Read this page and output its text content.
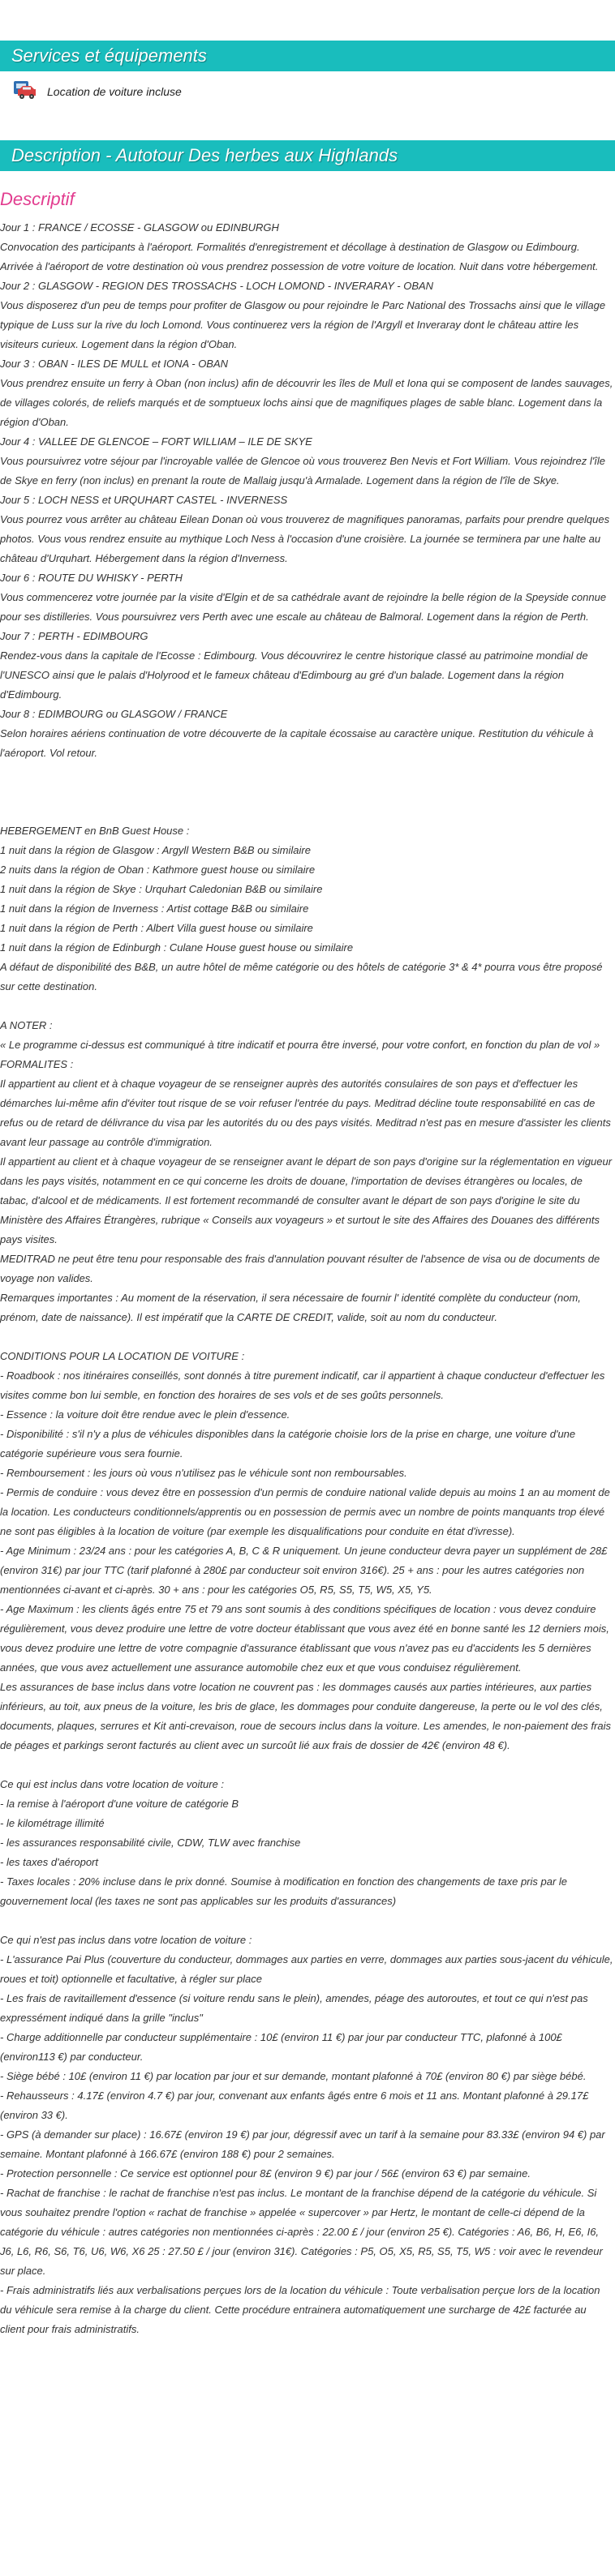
Services et équipements
Location de voiture incluse
Description - Autotour Des herbes aux Highlands
Descriptif

Jour 1 : FRANCE / ECOSSE - GLASGOW ou EDINBURGH

Convocation des participants à l'aéroport. Formalités d'enregistrement et décollage à destination de Glasgow ou Edimbourg. Arrivée à l'aéroport de votre destination où vous prendrez possession de votre voiture de location. Nuit dans votre hébergement.

Jour 2 : GLASGOW - REGION DES TROSSACHS - LOCH LOMOND - INVERARAY - OBAN

Vous disposerez d'un peu de temps pour profiter de Glasgow ou pour rejoindre le Parc National des Trossachs ainsi que le village typique de Luss sur la rive du loch Lomond. Vous continuerez vers la région de l'Argyll et Inveraray dont le château attire les visiteurs curieux. Logement dans la région d'Oban.

Jour 3 : OBAN - ILES DE MULL et IONA - OBAN

Vous prendrez ensuite un ferry à Oban (non inclus) afin de découvrir les îles de Mull et Iona qui se composent de landes sauvages, de villages colorés, de reliefs marqués et de somptueux lochs ainsi que de magnifiques plages de sable blanc. Logement dans la région d'Oban.

Jour 4 : VALLEE DE GLENCOE – FORT WILLIAM – ILE DE SKYE

Vous poursuivrez votre séjour par l'incroyable vallée de Glencoe où vous trouverez Ben Nevis et Fort William. Vous rejoindrez l'île de Skye en ferry (non inclus) en prenant la route de Mallaig jusqu'à Armalade. Logement dans la région de l'île de Skye.

Jour 5 : LOCH NESS et URQUHART CASTEL - INVERNESS

Vous pourrez vous arrêter au château Eilean Donan où vous trouverez de magnifiques panoramas, parfaits pour prendre quelques photos. Vous vous rendrez ensuite au mythique Loch Ness à l'occasion d'une croisière. La journée se terminera par une halte au château d'Urquhart. Hébergement dans la région d'Inverness.

Jour 6 : ROUTE DU WHISKY - PERTH

Vous commencerez votre journée par la visite d'Elgin et de sa cathédrale avant de rejoindre la belle région de la Speyside connue pour ses distilleries. Vous poursuivrez vers Perth avec une escale au château de Balmoral. Logement dans la région de Perth.

Jour 7 : PERTH - EDIMBOURG

Rendez-vous dans la capitale de l'Ecosse : Edimbourg. Vous découvrirez le centre historique classé au patrimoine mondial de l'UNESCO ainsi que le palais d'Holyrood et le fameux château d'Edimbourg au gré d'un balade. Logement dans la région d'Edimbourg.

Jour 8 : EDIMBOURG ou GLASGOW / FRANCE

Selon horaires aériens continuation de votre découverte de la capitale écossaise au caractère unique. Restitution du véhicule à l'aéroport. Vol retour.

HEBERGEMENT en BnB Guest House :

1 nuit dans la région de Glasgow : Argyll Western B&B ou similaire

2 nuits dans la région de Oban : Kathmore guest house ou similaire

1 nuit dans la région de Skye : Urquhart Caledonian B&B ou similaire

1 nuit dans la région de Inverness : Artist cottage B&B ou similaire

1 nuit dans la région de Perth : Albert Villa guest house ou similaire

1 nuit dans la région de Edinburgh : Culane House guest house ou similaire

A défaut de disponibilité des B&B, un autre hôtel de même catégorie ou des hôtels de catégorie 3* & 4* pourra vous être proposé sur cette destination.

A NOTER :

« Le programme ci-dessus est communiqué à titre indicatif et pourra être inversé, pour votre confort, en fonction du plan de vol »

FORMALITES :

Il appartient au client et à chaque voyageur de se renseigner auprès des autorités consulaires de son pays et d'effectuer les démarches lui-même afin d'éviter tout risque de se voir refuser l'entrée du pays. Meditrad décline toute responsabilité en cas de refus ou de retard de délivrance du visa par les autorités du ou des pays visités. Meditrad n'est pas en mesure d'assister les clients avant leur passage au contrôle d'immigration.

Il appartient au client et à chaque voyageur de se renseigner avant le départ de son pays d'origine sur la réglementation en vigueur dans les pays visités, notamment en ce qui concerne les droits de douane, l'importation de devises étrangères ou locales, de tabac, d'alcool et de médicaments. Il est fortement recommandé de consulter avant le départ de son pays d'origine le site du Ministère des Affaires Étrangères, rubrique « Conseils aux voyageurs » et surtout le site des Affaires des Douanes des différents pays visites.

MEDITRAD ne peut être tenu pour responsable des frais d'annulation pouvant résulter de l'absence de visa ou de documents de voyage non valides.

Remarques importantes : Au moment de la réservation, il sera nécessaire de fournir l' identité complète du conducteur (nom, prénom, date de naissance). Il est impératif que la CARTE DE CREDIT, valide, soit au nom du conducteur.

CONDITIONS POUR LA LOCATION DE VOITURE :

- Roadbook : nos itinéraires conseillés, sont donnés à titre purement indicatif, car il appartient à chaque conducteur d'effectuer les visites comme bon lui semble, en fonction des horaires de ses vols et de ses goûts personnels.

- Essence : la voiture doit être rendue avec le plein d'essence.

- Disponibilité : s'il n'y a plus de véhicules disponibles dans la catégorie choisie lors de la prise en charge, une voiture d'une catégorie supérieure vous sera fournie.

- Remboursement : les jours où vous n'utilisez pas le véhicule sont non remboursables.

- Permis de conduire : vous devez être en possession d'un permis de conduire national valide depuis au moins 1 an au moment de la location. Les conducteurs conditionnels/apprentis ou en possession de permis avec un nombre de points manquants trop élevé ne sont pas éligibles à la location de voiture (par exemple les disqualifications pour conduite en état d'ivresse).

- Age Minimum : 23/24 ans : pour les catégories A, B, C & R uniquement. Un jeune conducteur devra payer un supplément de 28£ (environ 31€) par jour TTC (tarif plafonné à 280£ par conducteur soit environ 316€). 25 + ans : pour les autres catégories non mentionnées ci-avant et ci-après. 30 + ans : pour les catégories O5, R5, S5, T5, W5, X5, Y5.

- Age Maximum : les clients âgés entre 75 et 79 ans sont soumis à des conditions spécifiques de location : vous devez conduire régulièrement, vous devez produire une lettre de votre docteur établissant que vous avez été en bonne santé les 12 derniers mois, vous devez produire une lettre de votre compagnie d'assurance établissant que vous n'avez pas eu d'accidents les 5 dernières années, que vous avez actuellement une assurance automobile chez eux et que vous conduisez régulièrement.

Les assurances de base inclus dans votre location ne couvrent pas : les dommages causés aux parties intérieures, aux parties inférieurs, au toit, aux pneus de la voiture, les bris de glace, les dommages pour conduite dangereuse, la perte ou le vol des clés, documents, plaques, serrures et Kit anti-crevaison, roue de secours inclus dans la voiture. Les amendes, le non-paiement des frais de péages et parkings seront facturés au client avec un surcoût lié aux frais de dossier de 42€ (environ 48 €).

Ce qui est inclus dans votre location de voiture :

- la remise à l'aéroport d'une voiture de catégorie B

- le kilométrage illimité

- les assurances responsabilité civile, CDW, TLW avec franchise

- les taxes d'aéroport

- Taxes locales : 20% incluse dans le prix donné. Soumise à modification en fonction des changements de taxe pris par le gouvernement local (les taxes ne sont pas applicables sur les produits d'assurances)

Ce qui n'est pas inclus dans votre location de voiture :

- L'assurance Pai Plus (couverture du conducteur, dommages aux parties en verre, dommages aux parties sous-jacent du véhicule, roues et toit) optionnelle et facultative, à régler sur place

- Les frais de ravitaillement d'essence (si voiture rendu sans le plein), amendes, péage des autoroutes, et tout ce qui n'est pas expressément indiqué dans la grille "inclus"

- Charge additionnelle par conducteur supplémentaire : 10£ (environ 11 €) par jour par conducteur TTC, plafonné à 100£ (environ113 €) par conducteur.

- Siège bébé : 10£ (environ 11 €) par location par jour et sur demande, montant plafonné à 70£ (environ 80 €) par siège bébé.

- Rehausseurs : 4.17£ (environ 4.7 €) par jour, convenant aux enfants âgés entre 6 mois et 11 ans. Montant plafonné à 29.17£ (environ 33 €).

- GPS (à demander sur place) : 16.67£ (environ 19 €) par jour, dégressif avec un tarif à la semaine pour 83.33£ (environ 94 €) par semaine. Montant plafonné à 166.67£ (environ 188 €) pour 2 semaines.

- Protection personnelle : Ce service est optionnel pour 8£ (environ 9 €) par jour / 56£ (environ 63 €) par semaine.

- Rachat de franchise : le rachat de franchise n'est pas inclus. Le montant de la franchise dépend de la catégorie du véhicule. Si vous souhaitez prendre l'option « rachat de franchise » appelée « supercover » par Hertz, le montant de celle-ci dépend de la catégorie du véhicule : autres catégories non mentionnées ci-après : 22.00 £ / jour (environ 25 €). Catégories : A6, B6, H, E6, I6, J6, L6, R6, S6, T6, U6, W6, X6 25 : 27.50 £ / jour (environ 31€). Catégories : P5, O5, X5, R5, S5, T5, W5 : voir avec le revendeur sur place.

- Frais administratifs liés aux verbalisations perçues lors de la location du véhicule : Toute verbalisation perçue lors de la location du véhicule sera remise à la charge du client. Cette procédure entrainera automatiquement une surcharge de 42£ facturée au client pour frais administratifs.
